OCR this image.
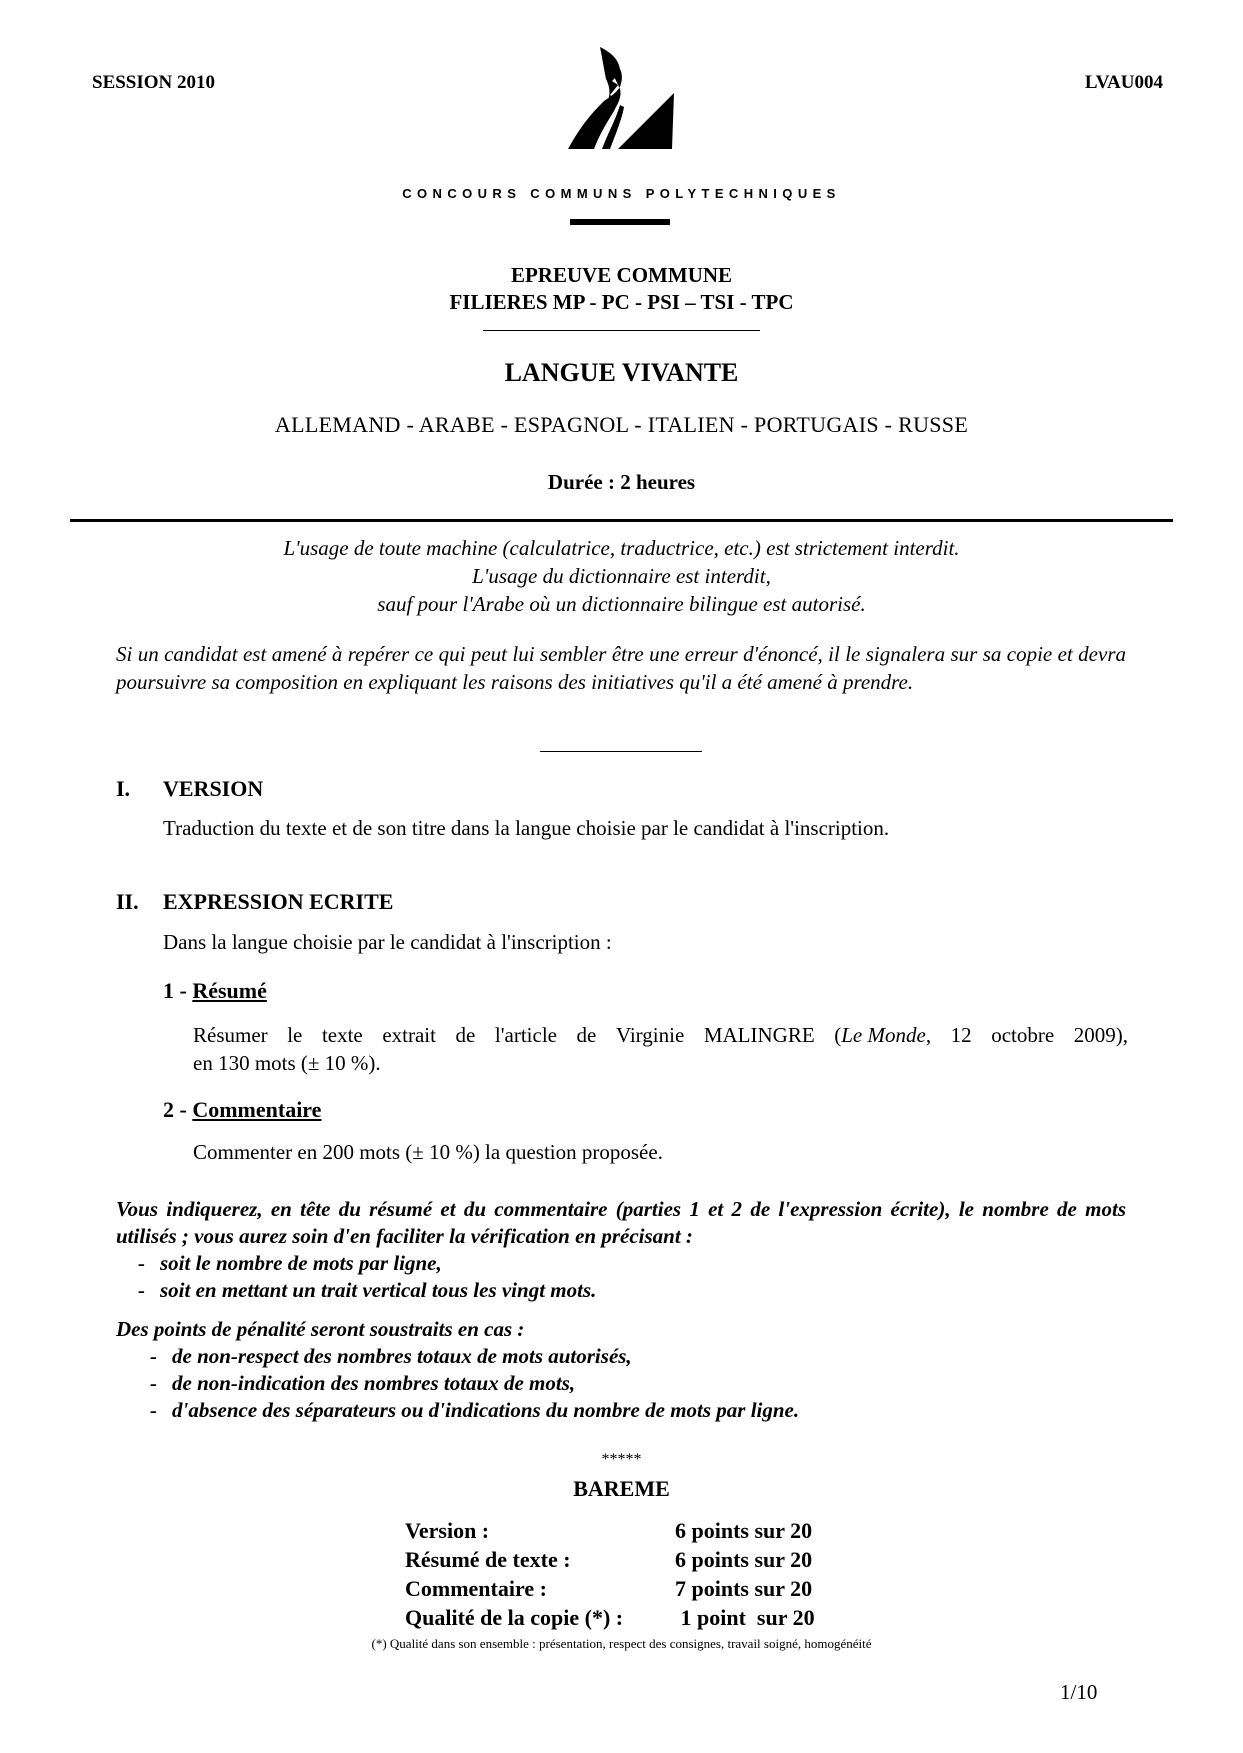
SESSION 2010	LVAU004
CONCOURS COMMUNS POLYTECHNIQUES
EPREUVE COMMUNE
FILIERES MP - PC - PSI – TSI - TPC
LANGUE VIVANTE
ALLEMAND - ARABE - ESPAGNOL - ITALIEN - PORTUGAIS - RUSSE
Durée : 2 heures
L'usage de toute machine (calculatrice, traductrice, etc.) est strictement interdit.
L'usage du dictionnaire est interdit,
sauf pour l'Arabe où un dictionnaire bilingue est autorisé.
Si un candidat est amené à repérer ce qui peut lui sembler être une erreur d'énoncé, il le signalera sur sa copie et devra poursuivre sa composition en expliquant les raisons des initiatives qu'il a été amené à prendre.
I. VERSION
Traduction du texte et de son titre dans la langue choisie par le candidat à l'inscription.
II. EXPRESSION ECRITE
Dans la langue choisie par le candidat à l'inscription :
1 - Résumé
Résumer le texte extrait de l'article de Virginie MALINGRE (Le Monde, 12 octobre 2009),
en 130 mots (± 10 %).
2 - Commentaire
Commenter en 200 mots (± 10 %) la question proposée.
Vous indiquerez, en tête du résumé et du commentaire (parties 1 et 2 de l'expression écrite), le nombre de mots utilisés ; vous aurez soin d'en faciliter la vérification en précisant :
- soit le nombre de mots par ligne,
- soit en mettant un trait vertical tous les vingt mots.
Des points de pénalité seront soustraits en cas :
- de non-respect des nombres totaux de mots autorisés,
- de non-indication des nombres totaux de mots,
- d'absence des séparateurs ou d'indications du nombre de mots par ligne.
*****
BAREME
Version :	6 points sur 20
Résumé de texte :	6 points sur 20
Commentaire :	7 points sur 20
Qualité de la copie (*) :	1 point  sur 20
(*) Qualité dans son ensemble : présentation, respect des consignes, travail soigné, homogénéité
1/10
